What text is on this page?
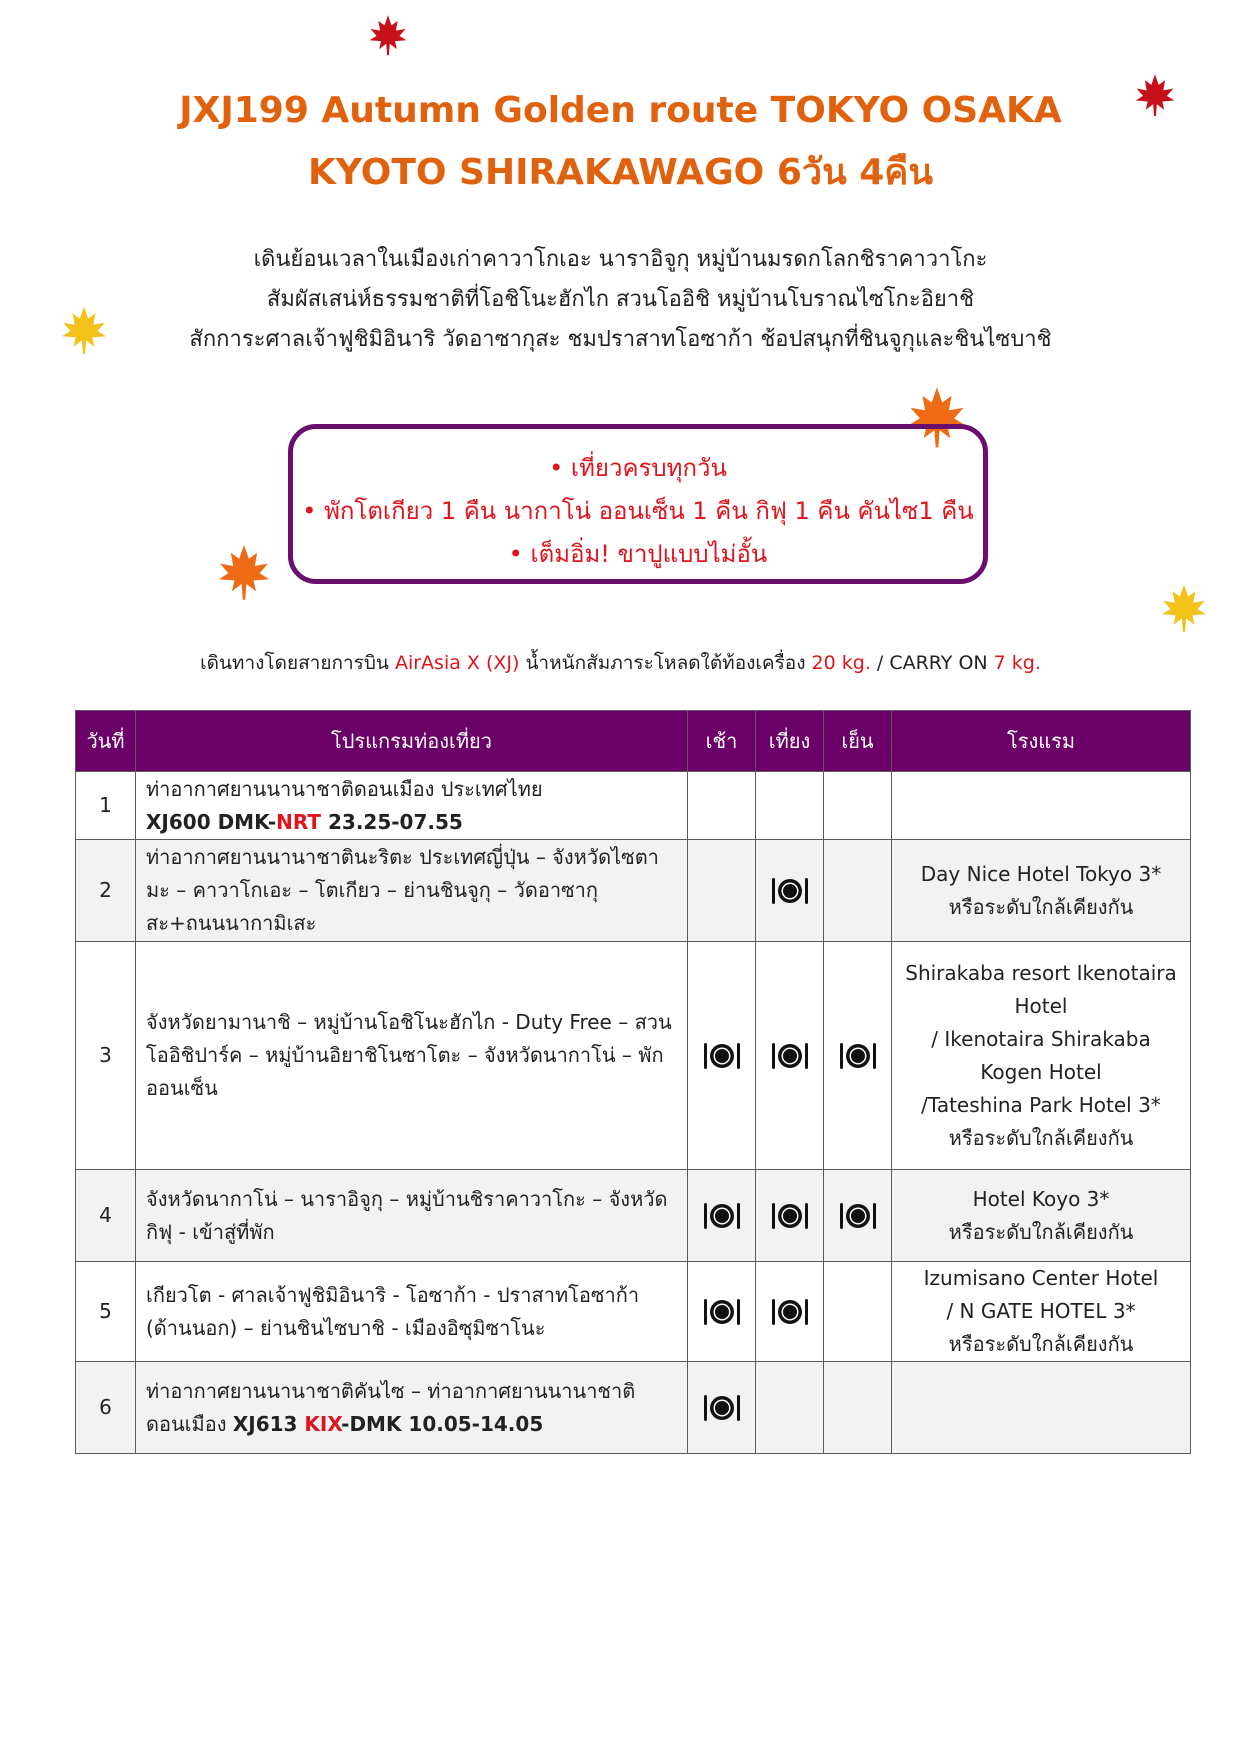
JXJ199 Autumn Golden route TOKYO OSAKA
KYOTO SHIRAKAWAGO 6วัน 4คืน
เดินย้อนเวลาในเมืองเก่าคาวาโกเอะ นาราอิจูกุ หมู่บ้านมรดกโลกชิราคาวาโกะ
สัมผัสเสน่ห์ธรรมชาติที่โอชิโนะฮักไก สวนโออิชิ หมู่บ้านโบราณไซโกะอิยาชิ
สักการะศาลเจ้าฟูชิมิอินาริ วัดอาซากุสะ ชมปราสาทโอซาก้า ช้อปสนุกที่ชินจูกุและชินไซบาชิ
• เที่ยวครบทุกวัน
• พักโตเกียว 1 คืน นากาโน่ ออนเซ็น 1 คืน กิฟุ 1 คืน คันไซ1 คืน
• เต็มอิ่ม! ขาปูแบบไม่อั้น
เดินทางโดยสายการบิน AirAsia X (XJ) น้ำหนักสัมภาระโหลดใต้ท้องเครื่อง 20 kg. / CARRY ON 7 kg.
วันที่	โปรแกรมท่องเที่ยว	เช้า	เที่ยง	เย็น	โรงแรม
1	ท่าอากาศยานนานาชาติดอนเมือง ประเทศไทย
XJ600 DMK-NRT 23.25-07.55				

2	ท่าอากาศยานนานาชาตินะริตะ ประเทศญี่ปุ่น – จังหวัดไซตามะ – คาวาโกเอะ – โตเกียว – ย่านชินจูกุ – วัดอาซากุสะ+ถนนนากามิเสะ				Day Nice Hotel Tokyo 3*
หรือระดับใกล้เคียงกัน

3	จังหวัดยามานาชิ – หมู่บ้านโอชิโนะฮักไก - Duty Free – สวนโออิชิปาร์ค – หมู่บ้านอิยาชิโนซาโตะ – จังหวัดนากาโน่ – พักออนเซ็น				Shirakaba resort Ikenotaira Hotel
/ Ikenotaira Shirakaba Kogen Hotel
/Tateshina Park Hotel 3*
หรือระดับใกล้เคียงกัน

4	จังหวัดนากาโน่ – นาราอิจูกุ – หมู่บ้านชิราคาวาโกะ – จังหวัดกิฟุ - เข้าสู่ที่พัก				Hotel Koyo 3*
หรือระดับใกล้เคียงกัน

5	เกียวโต - ศาลเจ้าฟูชิมิอินาริ - โอซาก้า - ปราสาทโอซาก้า (ด้านนอก) – ย่านชินไซบาชิ - เมืองอิซุมิซาโนะ				Izumisano Center Hotel
/ N GATE HOTEL 3*
หรือระดับใกล้เคียงกัน

6	ท่าอากาศยานนานาชาติคันไซ – ท่าอากาศยานนานาชาติดอนเมือง XJ613 KIX-DMK 10.05-14.05
